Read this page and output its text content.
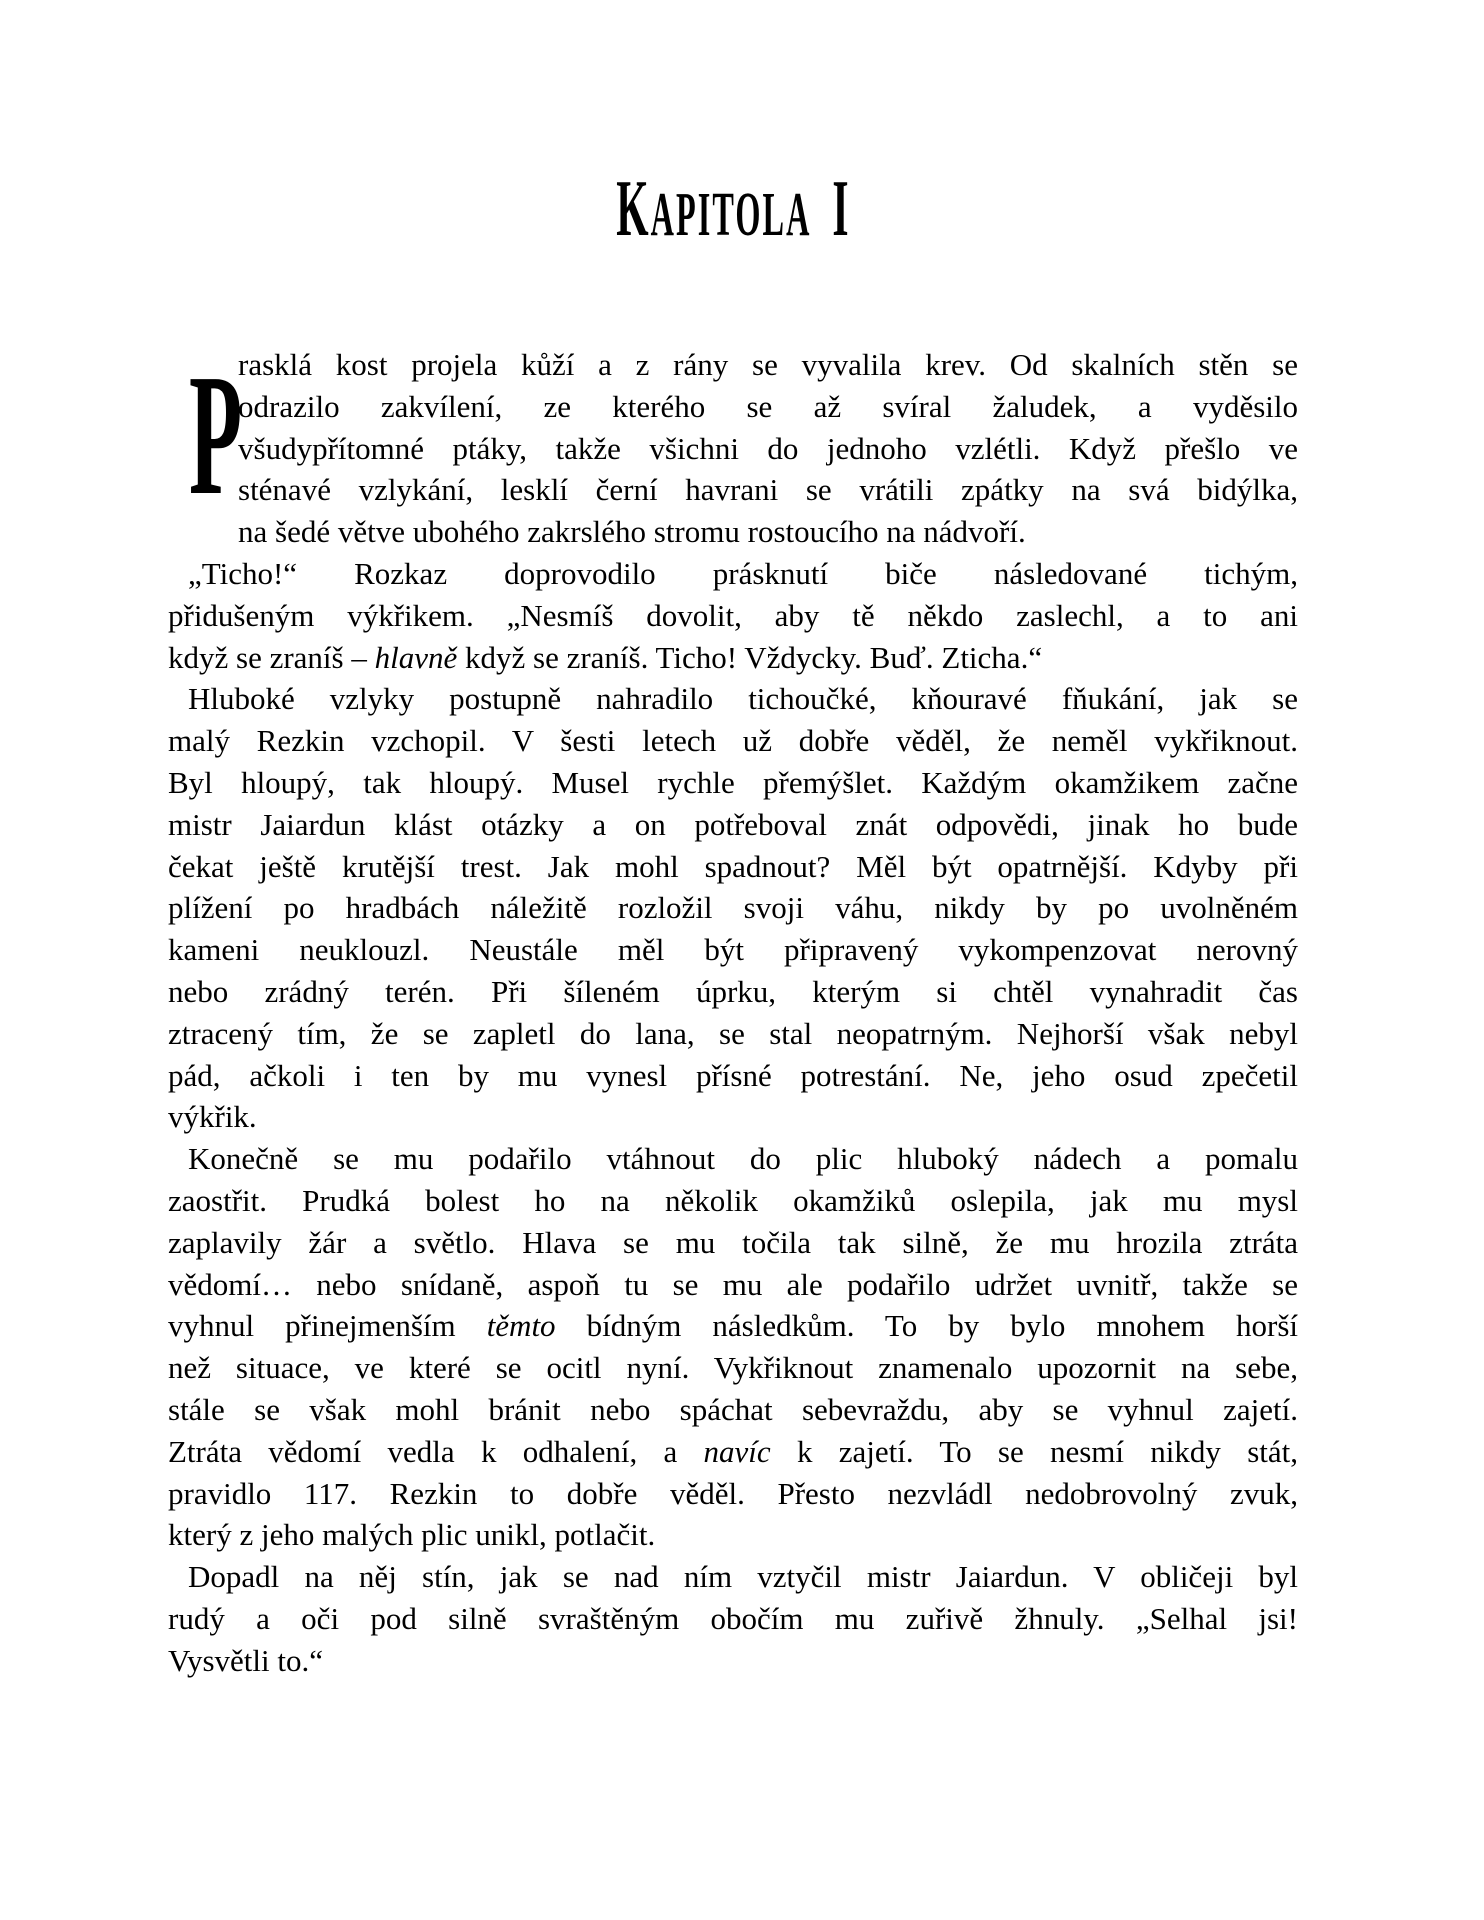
KAPITOLA   I
P
rasklá kost projela kůží a z rány se vyvalila krev. Od skalních stěn se
odrazilo zakvílení, ze kterého se až svíral žaludek, a vyděsilo
všudypřítomné ptáky, takže všichni do jednoho vzlétli. Když přešlo ve
sténavé vzlykání, lesklí černí havrani se vrátili zpátky na svá bidýlka,
na šedé větve ubohého zakrslého stromu rostoucího na nádvoří.
„Ticho!“ Rozkaz doprovodilo prásknutí biče následované tichým,
přidušeným výkřikem. „Nesmíš dovolit, aby tě někdo zaslechl, a to ani
když se zraníš – hlavně když se zraníš. Ticho! Vždycky. Buď. Zticha.“
Hluboké vzlyky postupně nahradilo tichoučké, kňouravé fňukání, jak se
malý Rezkin vzchopil. V šesti letech už dobře věděl, že neměl vykřiknout.
Byl hloupý, tak hloupý. Musel rychle přemýšlet. Každým okamžikem začne
mistr Jaiardun klást otázky a on potřeboval znát odpovědi, jinak ho bude
čekat ještě krutější trest. Jak mohl spadnout? Měl být opatrnější. Kdyby při
plížení po hradbách náležitě rozložil svoji váhu, nikdy by po uvolněném
kameni neuklouzl. Neustále měl být připravený vykompenzovat nerovný
nebo zrádný terén. Při šíleném úprku, kterým si chtěl vynahradit čas
ztracený tím, že se zapletl do lana, se stal neopatrným. Nejhorší však nebyl
pád, ačkoli i ten by mu vynesl přísné potrestání. Ne, jeho osud zpečetil
výkřik.
Konečně se mu podařilo vtáhnout do plic hluboký nádech a pomalu
zaostřit. Prudká bolest ho na několik okamžiků oslepila, jak mu mysl
zaplavily žár a světlo. Hlava se mu točila tak silně, že mu hrozila ztráta
vědomí… nebo snídaně, aspoň tu se mu ale podařilo udržet uvnitř, takže se
vyhnul přinejmenším těmto bídným následkům. To by bylo mnohem horší
než situace, ve které se ocitl nyní. Vykřiknout znamenalo upozornit na sebe,
stále se však mohl bránit nebo spáchat sebevraždu, aby se vyhnul zajetí.
Ztráta vědomí vedla k odhalení, a navíc k zajetí. To se nesmí nikdy stát,
pravidlo 117. Rezkin to dobře věděl. Přesto nezvládl nedobrovolný zvuk,
který z jeho malých plic unikl, potlačit.
Dopadl na něj stín, jak se nad ním vztyčil mistr Jaiardun. V obličeji byl
rudý a oči pod silně svraštěným obočím mu zuřivě žhnuly. „Selhal jsi!
Vysvětli to.“
